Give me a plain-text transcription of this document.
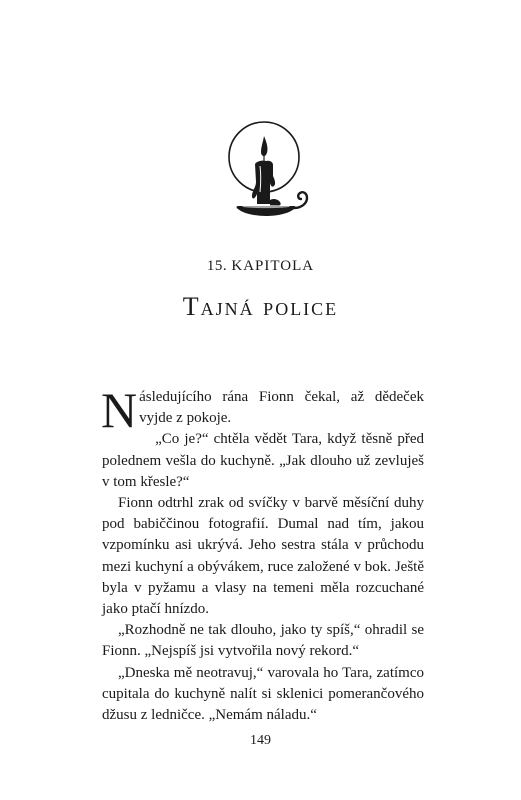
15. KAPITOLA
Tajná police

Následujícího rána Fionn čekal, až dědeček vyjde z pokoje.

„Co je?“ chtěla vědět Tara, když těsně před polednem vešla do kuchyně. „Jak dlouho už zevluješ v tom křesle?“

Fionn odtrhl zrak od svíčky v barvě měsíční duhy pod babiččinou fotografií. Dumal nad tím, jakou vzpomínku asi ukrývá. Jeho sestra stála v průchodu mezi kuchyní a obývákem, ruce založené v bok. Ještě byla v pyžamu a vlasy na temeni měla rozcuchané jako ptačí hnízdo.

„Rozhodně ne tak dlouho, jako ty spíš,“ ohradil se Fionn. „Nejspíš jsi vytvořila nový rekord.“

„Dneska mě neotravuj,“ varovala ho Tara, zatímco cupitala do kuchyně nalít si sklenici pomerančového džusu z ledničce. „Nemám náladu.“

149
